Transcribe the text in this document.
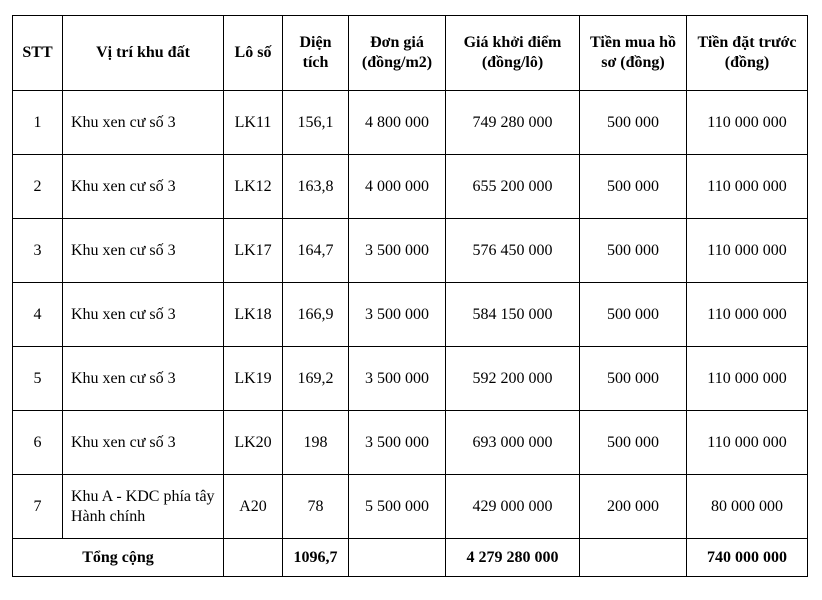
STT	Vị trí khu đất	Lô số	Diện tích	Đơn giá (đồng/m2)	Giá khởi điểm (đồng/lô)	Tiền mua hồ sơ (đồng)	Tiền đặt trước (đồng)
1	Khu xen cư số 3	LK11	156,1	4 800 000	749 280 000	500 000	110 000 000
2	Khu xen cư số 3	LK12	163,8	4 000 000	655 200 000	500 000	110 000 000
3	Khu xen cư số 3	LK17	164,7	3 500 000	576 450 000	500 000	110 000 000
4	Khu xen cư số 3	LK18	166,9	3 500 000	584 150 000	500 000	110 000 000
5	Khu xen cư số 3	LK19	169,2	3 500 000	592 200 000	500 000	110 000 000
6	Khu xen cư số 3	LK20	198	3 500 000	693 000 000	500 000	110 000 000
7	Khu A - KDC phía tây Hành chính	A20	78	5 500 000	429 000 000	200 000	80 000 000
Tổng cộng			1096,7		4 279 280 000		740 000 000
